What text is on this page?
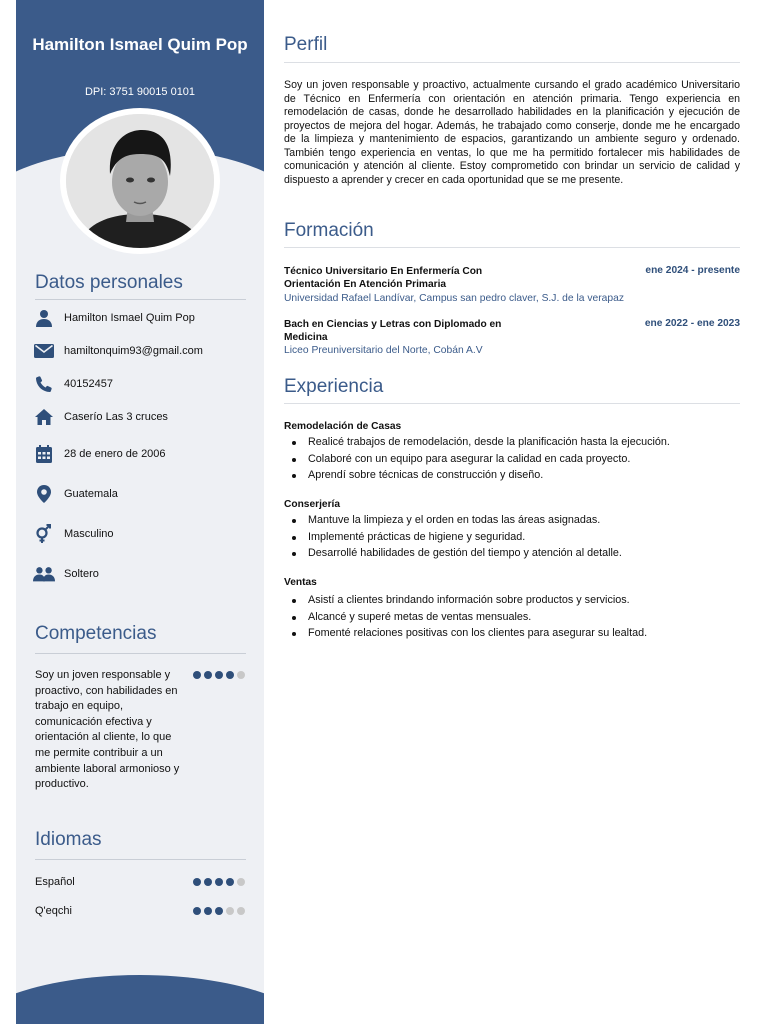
Hamilton Ismael Quim Pop
DPI: 3751 90015 0101
Datos personales
Hamilton Ismael Quim Pop
hamiltonquim93@gmail.com
40152457
Caserío Las 3 cruces
28 de enero de 2006
Guatemala
Masculino
Soltero
Competencias
Soy un joven responsable y proactivo, con habilidades en trabajo en equipo, comunicación efectiva y orientación al cliente, lo que me permite contribuir a un ambiente laboral armonioso y productivo.
Idiomas
Español
Q'eqchi
Perfil
Soy un joven responsable y proactivo, actualmente cursando el grado académico Universitario de Técnico en Enfermería con orientación en atención primaria. Tengo experiencia en remodelación de casas, donde he desarrollado habilidades en la planificación y ejecución de proyectos de mejora del hogar. Además, he trabajado como conserje, donde me he encargado de la limpieza y mantenimiento de espacios, garantizando un ambiente seguro y ordenado. También tengo experiencia en ventas, lo que me ha permitido fortalecer mis habilidades de comunicación y atención al cliente. Estoy comprometido con brindar un servicio de calidad y dispuesto a aprender y crecer en cada oportunidad que se me presente.
Formación
Técnico Universitario En Enfermería Con Orientación En Atención Primaria
ene 2024 - presente
Universidad Rafael Landívar, Campus san pedro claver, S.J. de la verapaz
Bach en Ciencias y Letras con Diplomado en Medicina
ene 2022 - ene 2023
Liceo Preuniversitario del Norte, Cobán A.V
Experiencia
Remodelación de Casas
Realicé trabajos de remodelación, desde la planificación hasta la ejecución.
Colaboré con un equipo para asegurar la calidad en cada proyecto.
Aprendí sobre técnicas de construcción y diseño.
Conserjería
Mantuve la limpieza y el orden en todas las áreas asignadas.
Implementé prácticas de higiene y seguridad.
Desarrollé habilidades de gestión del tiempo y atención al detalle.
Ventas
Asistí a clientes brindando información sobre productos y servicios.
Alcancé y superé metas de ventas mensuales.
Fomenté relaciones positivas con los clientes para asegurar su lealtad.
